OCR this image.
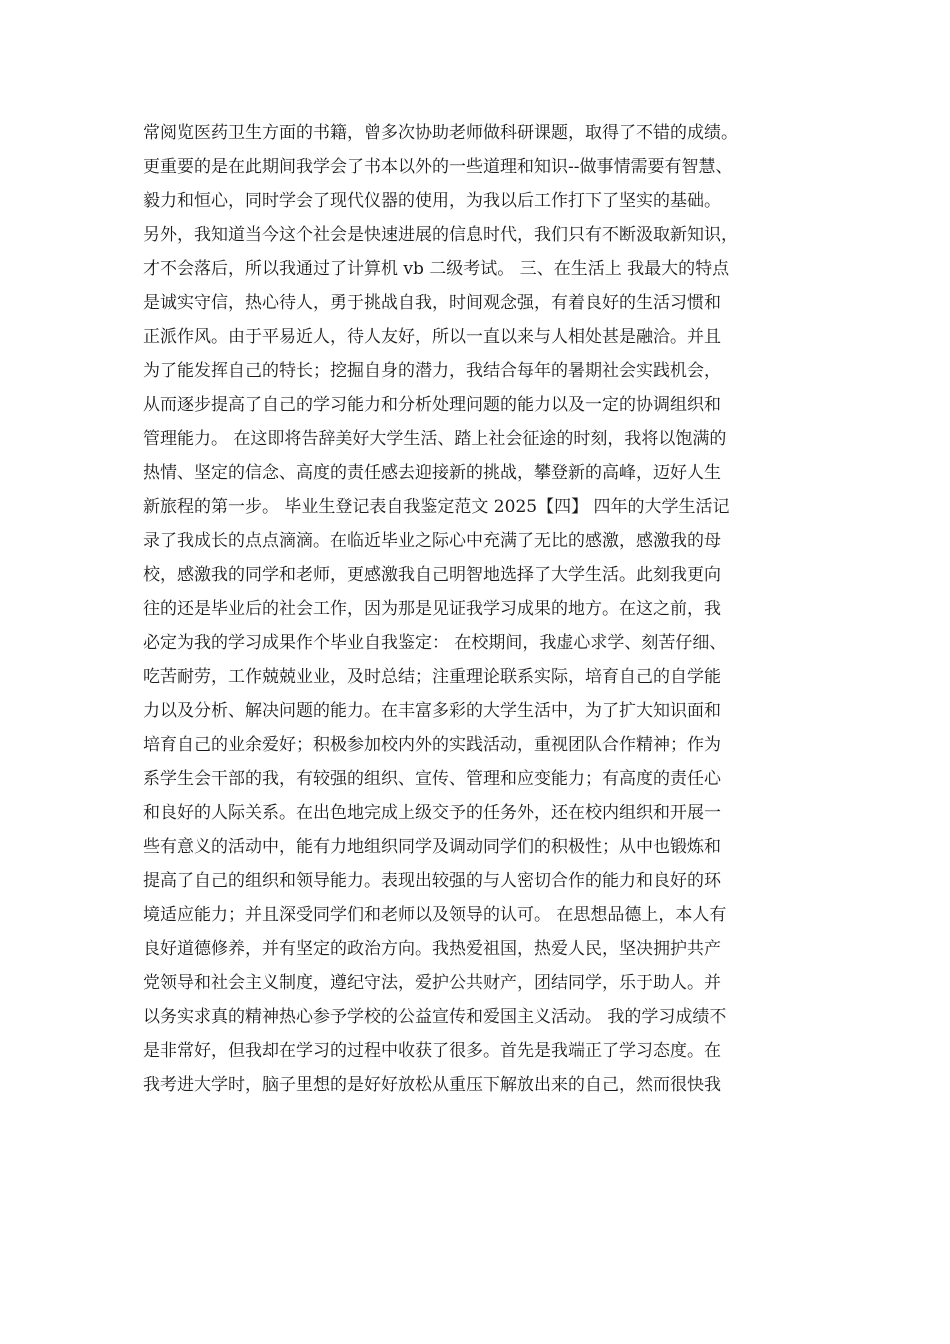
常阅览医药卫生方面的书籍，曾多次协助老师做科研课题，取得了不错的成绩。
更重要的是在此期间我学会了书本以外的一些道理和知识--做事情需要有智慧、
毅力和恒心，同时学会了现代仪器的使用，为我以后工作打下了坚实的基础。
另外，我知道当今这个社会是快速进展的信息时代，我们只有不断汲取新知识，
才不会落后，所以我通过了计算机 vb 二级考试。 三、在生活上 我最大的特点
是诚实守信，热心待人，勇于挑战自我，时间观念强，有着良好的生活习惯和
正派作风。由于平易近人，待人友好，所以一直以来与人相处甚是融洽。并且
为了能发挥自己的特长；挖掘自身的潜力，我结合每年的暑期社会实践机会，
从而逐步提高了自己的学习能力和分析处理问题的能力以及一定的协调组织和
管理能力。 在这即将告辞美好大学生活、踏上社会征途的时刻，我将以饱满的
热情、坚定的信念、高度的责任感去迎接新的挑战，攀登新的高峰，迈好人生
新旅程的第一步。 毕业生登记表自我鉴定范文 2025【四】 四年的大学生活记
录了我成长的点点滴滴。在临近毕业之际心中充满了无比的感激，感激我的母
校，感激我的同学和老师，更感激我自己明智地选择了大学生活。此刻我更向
往的还是毕业后的社会工作，因为那是见证我学习成果的地方。在这之前，我
必定为我的学习成果作个毕业自我鉴定： 在校期间，我虚心求学、刻苦仔细、
吃苦耐劳，工作兢兢业业，及时总结；注重理论联系实际，培育自己的自学能
力以及分析、解决问题的能力。在丰富多彩的大学生活中，为了扩大知识面和
培育自己的业余爱好；积极参加校内外的实践活动，重视团队合作精神；作为
系学生会干部的我，有较强的组织、宣传、管理和应变能力；有高度的责任心
和良好的人际关系。在出色地完成上级交予的任务外，还在校内组织和开展一
些有意义的活动中，能有力地组织同学及调动同学们的积极性；从中也锻炼和
提高了自己的组织和领导能力。表现出较强的与人密切合作的能力和良好的环
境适应能力；并且深受同学们和老师以及领导的认可。 在思想品德上，本人有
良好道德修养，并有坚定的政治方向。我热爱祖国，热爱人民，坚决拥护共产
党领导和社会主义制度，遵纪守法，爱护公共财产，团结同学，乐于助人。并
以务实求真的精神热心参予学校的公益宣传和爱国主义活动。 我的学习成绩不
是非常好，但我却在学习的过程中收获了很多。首先是我端正了学习态度。在
我考进大学时，脑子里想的是好好放松从重压下解放出来的自己，然而很快我
